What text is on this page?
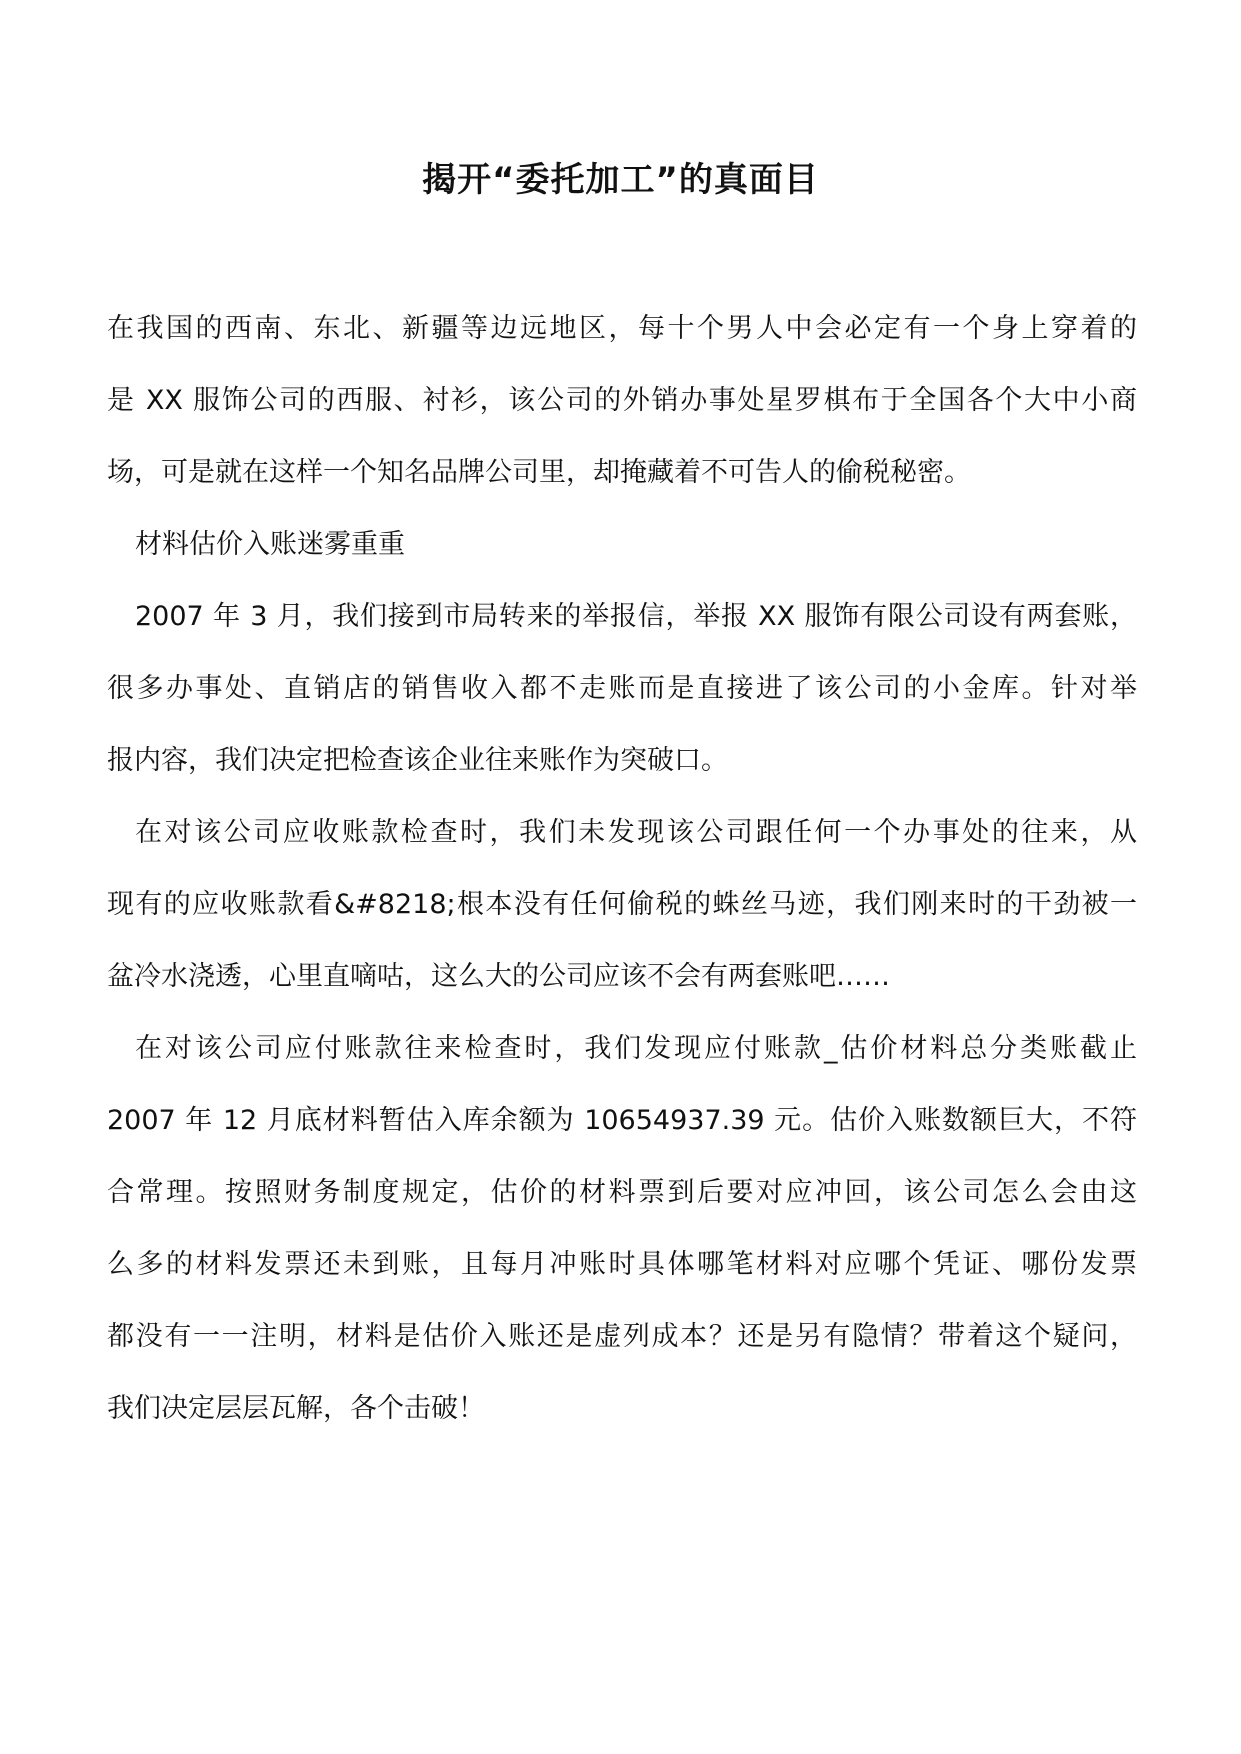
揭开“委托加工”的真面目

在我国的西南、东北、新疆等边远地区，每十个男人中会必定有一个身上穿着的

是 XX 服饰公司的西服、衬衫，该公司的外销办事处星罗棋布于全国各个大中小商

场，可是就在这样一个知名品牌公司里，却掩藏着不可告人的偷税秘密。

材料估价入账迷雾重重

2007 年 3 月，我们接到市局转来的举报信，举报 XX 服饰有限公司设有两套账，

很多办事处、直销店的销售收入都不走账而是直接进了该公司的小金库。针对举

报内容，我们决定把检查该企业往来账作为突破口。

在对该公司应收账款检查时，我们未发现该公司跟任何一个办事处的往来，从

现有的应收账款看&#8218;根本没有任何偷税的蛛丝马迹，我们刚来时的干劲被一

盆冷水浇透，心里直嘀咕，这么大的公司应该不会有两套账吧……

在对该公司应付账款往来检查时，我们发现应付账款_估价材料总分类账截止

2007 年 12 月底材料暂估入库余额为 10654937.39 元。估价入账数额巨大，不符

合常理。按照财务制度规定，估价的材料票到后要对应冲回，该公司怎么会由这

么多的材料发票还未到账，且每月冲账时具体哪笔材料对应哪个凭证、哪份发票

都没有一一注明，材料是估价入账还是虚列成本？还是另有隐情？带着这个疑问，

我们决定层层瓦解，各个击破！
